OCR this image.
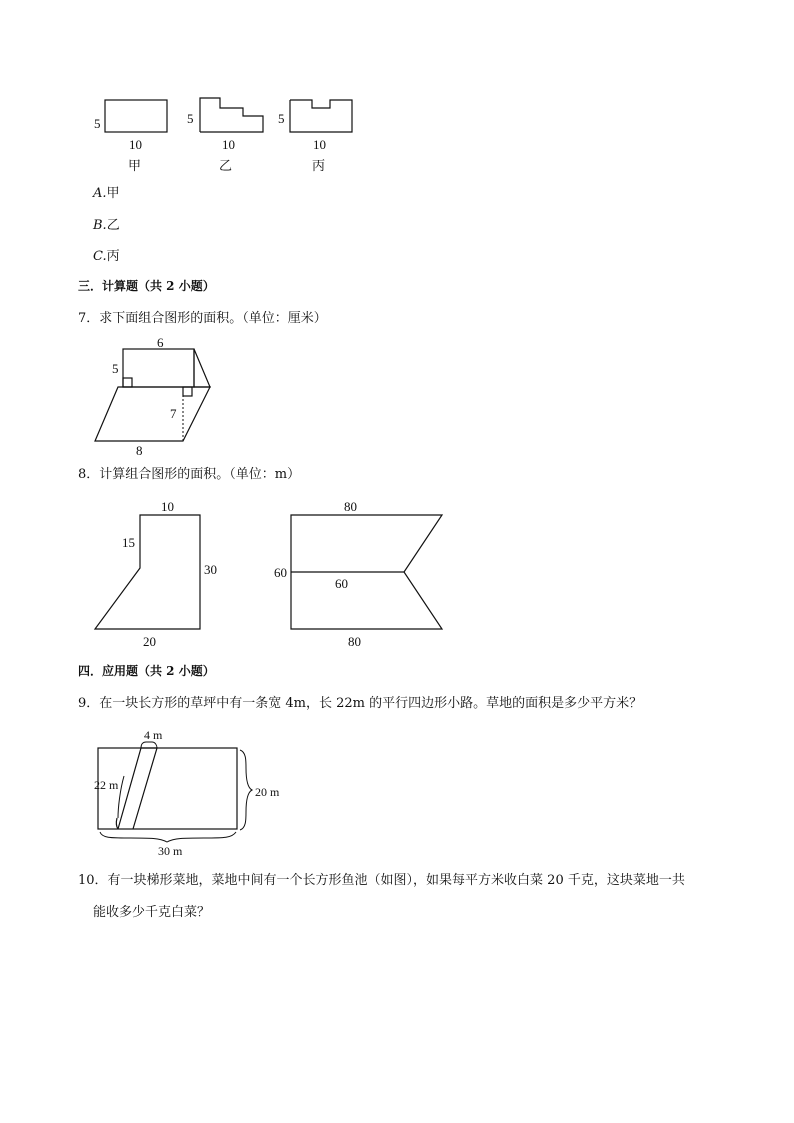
5
10
甲
5
10
乙
5
10
丙
A.甲
B.乙
C.丙
三．计算题（共 2 小题）
7．求下面组合图形的面积。（单位：厘米）
6
5
7
8
8．计算组合图形的面积。（单位：m）
10
15
30
20
80
60
60
80
四．应用题（共 2 小题）
9．在一块长方形的草坪中有一条宽 4m，长 22m 的平行四边形小路。草地的面积是多少平方米？
4 m
22 m	20 m
30 m
10．有一块梯形菜地，菜地中间有一个长方形鱼池（如图），如果每平方米收白菜 20 千克，这块菜地一共
能收多少千克白菜？
